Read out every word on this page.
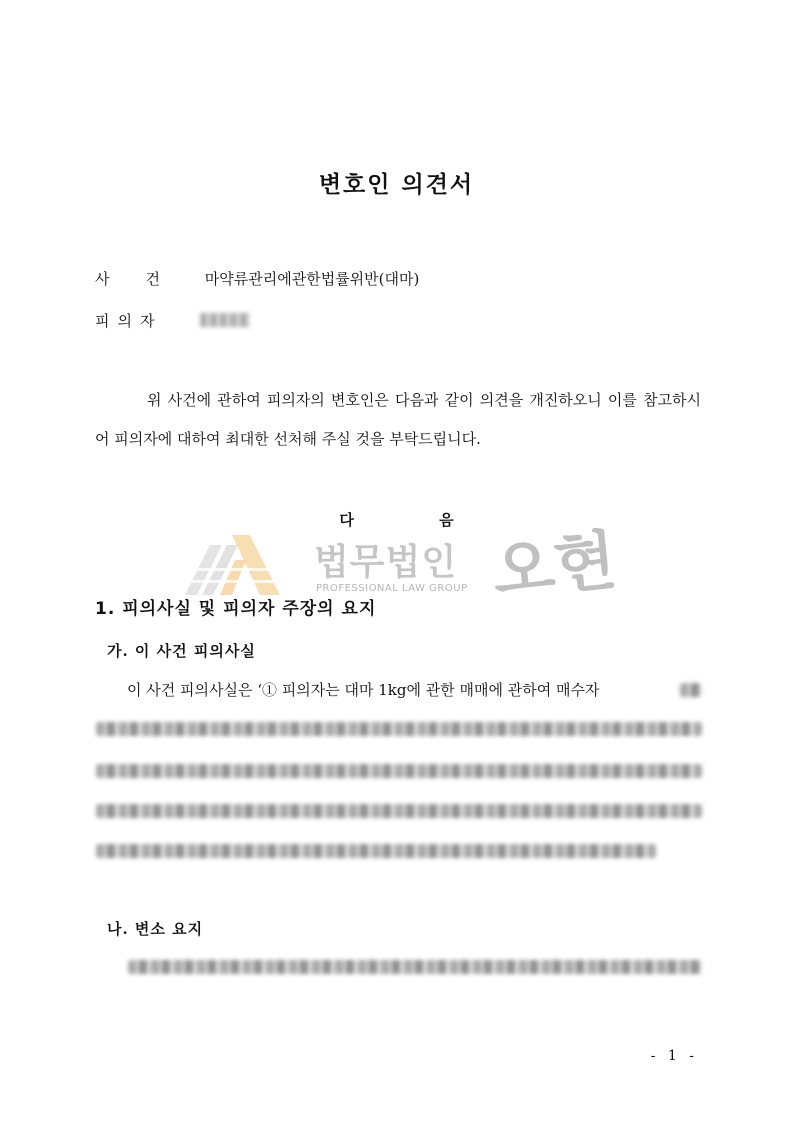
변호인 의견서
사건 마약류관리에관한법률위반(대마)
피의자
위 사건에 관하여 피의자의 변호인은 다음과 같이 의견을 개진하오니 이를 참고하시어 피의자에 대하여 최대한 선처해 주실 것을 부탁드립니다.
다 음
법무법인
PROFESSIONAL LAW GROUP 오현
1. 피의사실 및 피의자 주장의 요지
가. 이 사건 피의사실
이 사건 피의사실은 ‘① 피의자는 대마 1kg에 관한 매매에 관하여 매수자
나. 변소 요지
- 1 -
